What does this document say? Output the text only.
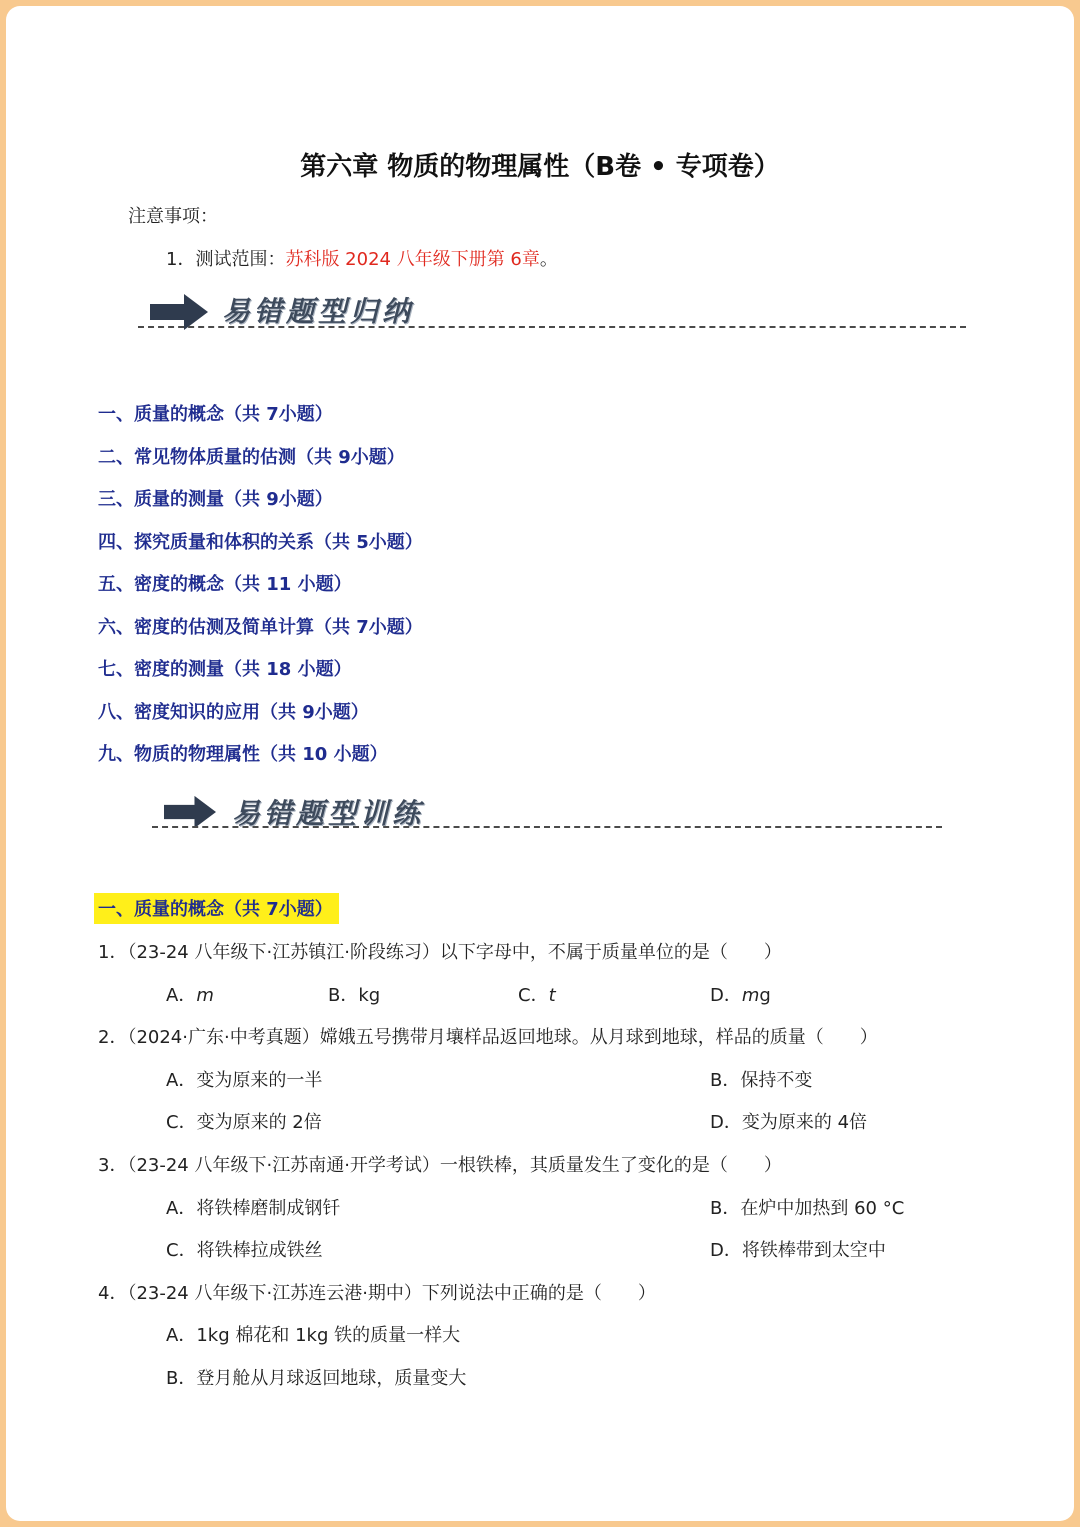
第六章 物质的物理属性（B卷 • 专项卷）
注意事项：
1．测试范围：苏科版 2024 八年级下册第 6章。
易错题型归纳
一、质量的概念（共 7小题）
二、常见物体质量的估测（共 9小题）
三、质量的测量（共 9小题）
四、探究质量和体积的关系（共 5小题）
五、密度的概念（共 11 小题）
六、密度的估测及简单计算（共 7小题）
七、密度的测量（共 18 小题）
八、密度知识的应用（共 9小题）
九、物质的物理属性（共 10 小题）
易错题型训练
一、质量的概念（共 7小题）
1．（23-24 八年级下·江苏镇江·阶段练习）以下字母中，不属于质量单位的是（　　）
A．m	B．kg	C．t	D．mg
2．（2024·广东·中考真题）嫦娥五号携带月壤样品返回地球。从月球到地球，样品的质量（　　）
A．变为原来的一半	B．保持不变
C．变为原来的 2倍	D．变为原来的 4倍
3．（23-24 八年级下·江苏南通·开学考试）一根铁棒，其质量发生了变化的是（　　）
A．将铁棒磨制成钢钎	B．在炉中加热到 60 °C
C．将铁棒拉成铁丝	D．将铁棒带到太空中
4．（23-24 八年级下·江苏连云港·期中）下列说法中正确的是（　　）
A．1kg 棉花和 1kg 铁的质量一样大
B．登月舱从月球返回地球，质量变大
